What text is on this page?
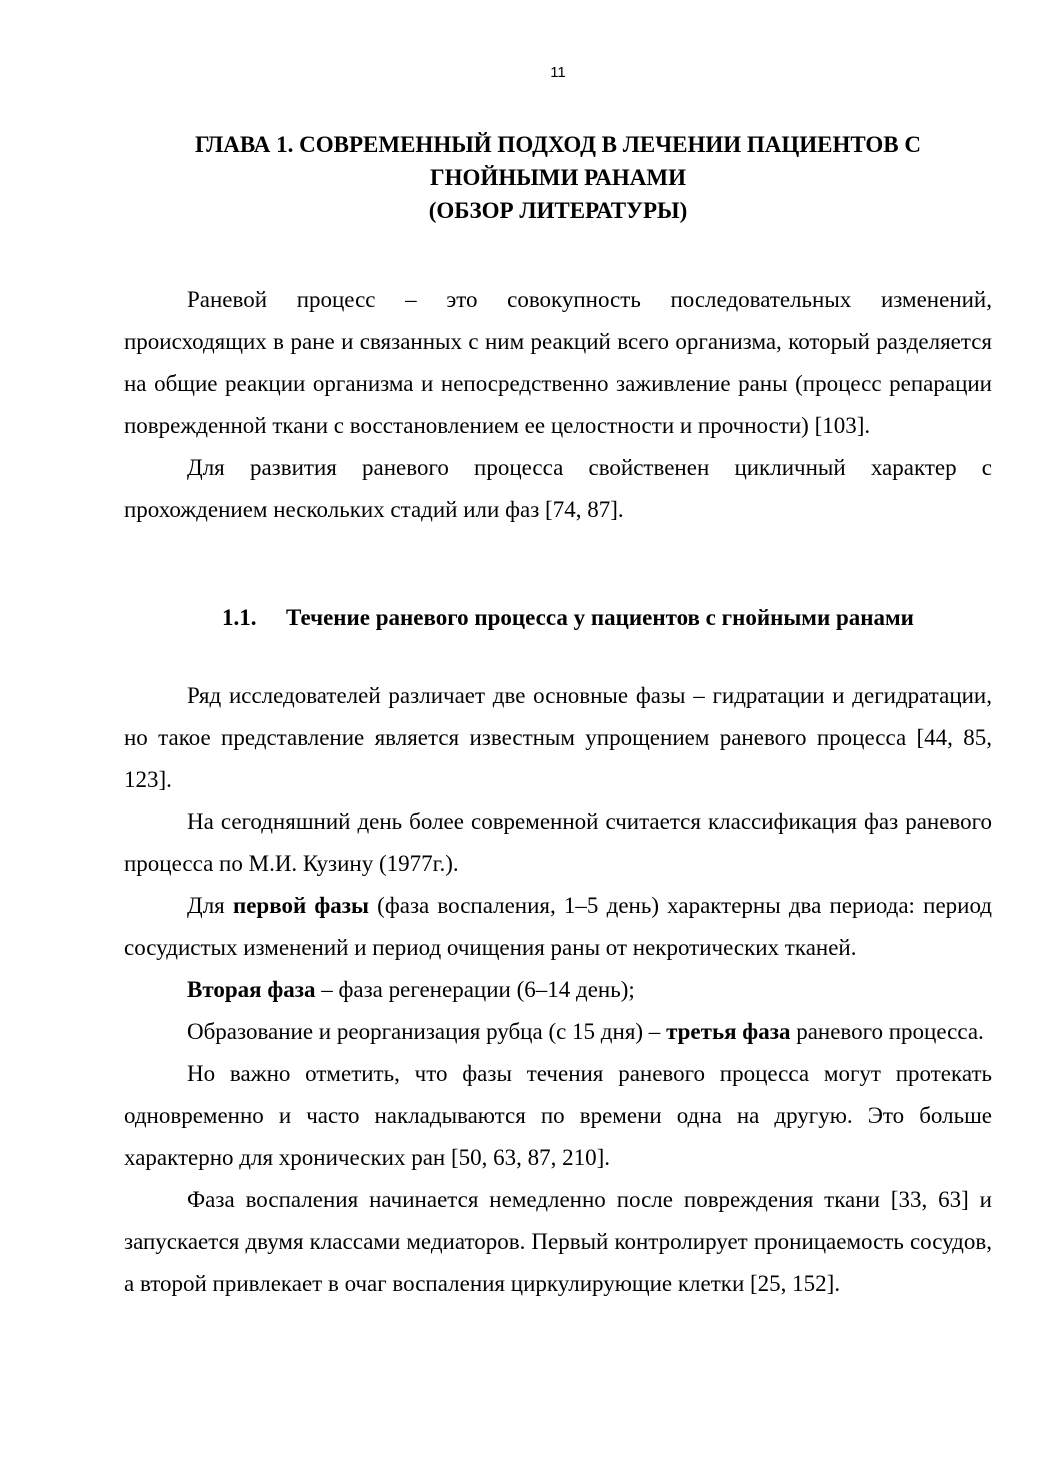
11
ГЛАВА 1. СОВРЕМЕННЫЙ ПОДХОД В ЛЕЧЕНИИ ПАЦИЕНТОВ С
ГНОЙНЫМИ РАНАМИ
(ОБЗОР ЛИТЕРАТУРЫ)

Раневой процесс – это совокупность последовательных изменений, происходящих в ране и связанных с ним реакций всего организма, который разделяется на общие реакции организма и непосредственно заживление раны (процесс репарации поврежденной ткани с восстановлением ее целостности и прочности) [103].

Для развития раневого процесса свойственен цикличный характер с прохождением нескольких стадий или фаз [74, 87].

1.1. Течение раневого процесса у пациентов с гнойными ранами

Ряд исследователей различает две основные фазы – гидратации и дегидратации, но такое представление является известным упрощением раневого процесса [44, 85, 123].

На сегодняшний день более современной считается классификация фаз раневого процесса по М.И. Кузину (1977г.).

Для первой фазы (фаза воспаления, 1–5 день) характерны два периода: период сосудистых изменений и период очищения раны от некротических тканей.

Вторая фаза – фаза регенерации (6–14 день);

Образование и реорганизация рубца (с 15 дня) – третья фаза раневого процесса.

Но важно отметить, что фазы течения раневого процесса могут протекать одновременно и часто накладываются по времени одна на другую. Это больше характерно для хронических ран [50, 63, 87, 210].

Фаза воспаления начинается немедленно после повреждения ткани [33, 63] и запускается двумя классами медиаторов. Первый контролирует проницаемость сосудов, а второй привлекает в очаг воспаления циркулирующие клетки [25, 152].
